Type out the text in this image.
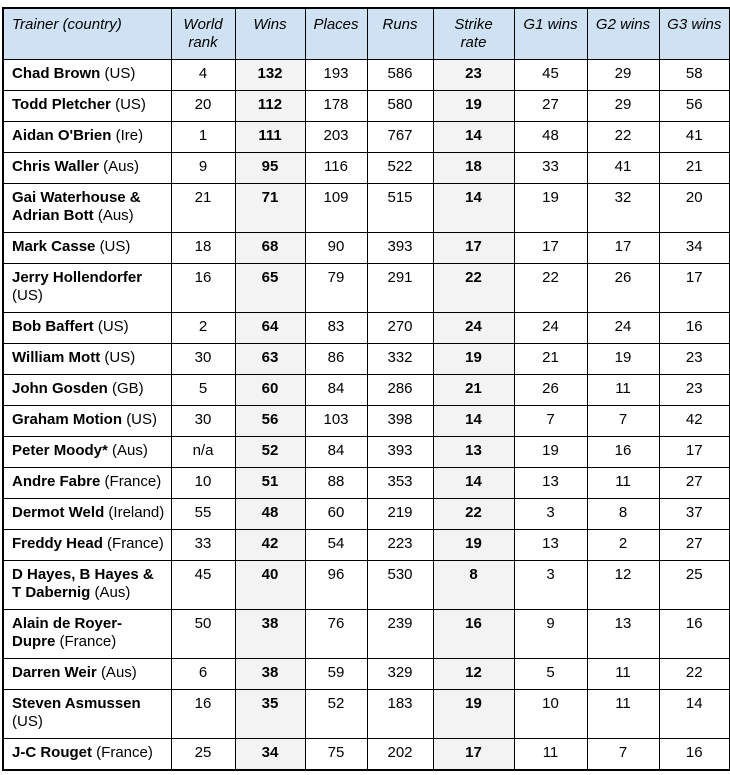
Trainer (country)	World rank	Wins	Places	Runs	Strike rate	G1 wins	G2 wins	G3 wins
Chad Brown (US)	4	132	193	586	23	45	29	58
Todd Pletcher (US)	20	112	178	580	19	27	29	56
Aidan O'Brien (Ire)	1	111	203	767	14	48	22	41
Chris Waller (Aus)	9	95	116	522	18	33	41	21
Gai Waterhouse & Adrian Bott (Aus)	21	71	109	515	14	19	32	20
Mark Casse (US)	18	68	90	393	17	17	17	34
Jerry Hollendorfer (US)	16	65	79	291	22	22	26	17
Bob Baffert (US)	2	64	83	270	24	24	24	16
William Mott (US)	30	63	86	332	19	21	19	23
John Gosden (GB)	5	60	84	286	21	26	11	23
Graham Motion (US)	30	56	103	398	14	7	7	42
Peter Moody* (Aus)	n/a	52	84	393	13	19	16	17
Andre Fabre (France)	10	51	88	353	14	13	11	27
Dermot Weld (Ireland)	55	48	60	219	22	3	8	37
Freddy Head (France)	33	42	54	223	19	13	2	27
D Hayes, B Hayes & T Dabernig (Aus)	45	40	96	530	8	3	12	25
Alain de Royer-Dupre (France)	50	38	76	239	16	9	13	16
Darren Weir (Aus)	6	38	59	329	12	5	11	22
Steven Asmussen (US)	16	35	52	183	19	10	11	14
J-C Rouget (France)	25	34	75	202	17	11	7	16
